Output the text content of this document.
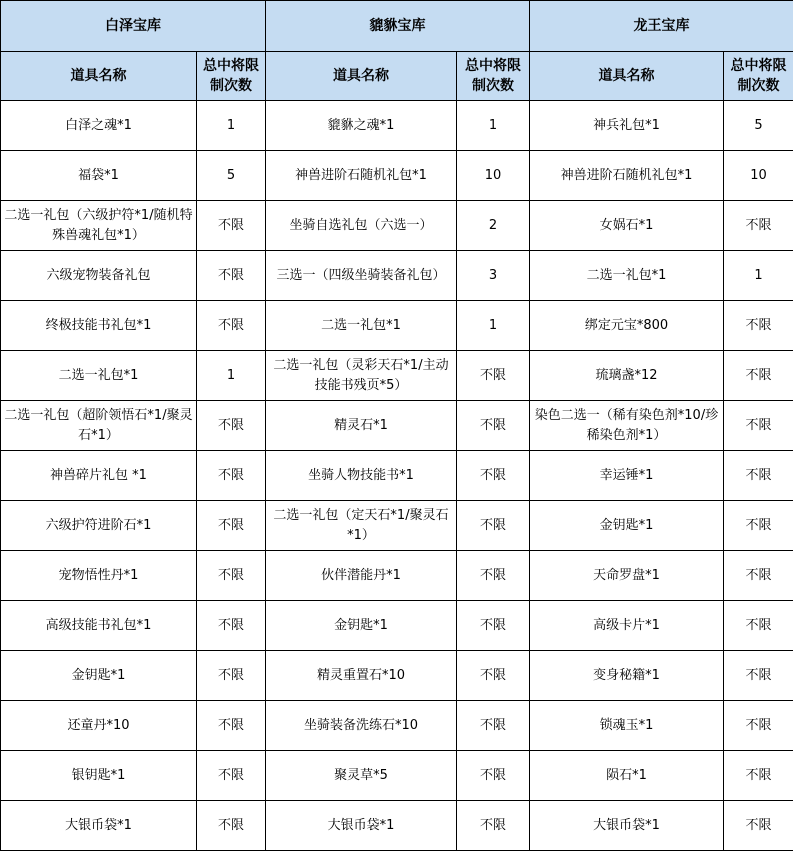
白泽宝库		貔貅宝库		龙王宝库	
道具名称	总中将限制次数	道具名称	总中将限制次数	道具名称	总中将限制次数
白泽之魂*1	1	貔貅之魂*1	1	神兵礼包*1	5
福袋*1	5	神兽进阶石随机礼包*1	10	神兽进阶石随机礼包*1	10
二选一礼包（六级护符*1/随机特殊兽魂礼包*1）	不限	坐骑自选礼包（六选一）	2	女娲石*1	不限
六级宠物装备礼包	不限	三选一（四级坐骑装备礼包）	3	二选一礼包*1	1
终极技能书礼包*1	不限	二选一礼包*1	1	绑定元宝*800	不限
二选一礼包*1	1	二选一礼包（灵彩天石*1/主动技能书残页*5）	不限	琉璃盏*12	不限
二选一礼包（超阶领悟石*1/聚灵石*1）	不限	精灵石*1	不限	染色二选一（稀有染色剂*10/珍稀染色剂*1）	不限
神兽碎片礼包 *1	不限	坐骑人物技能书*1	不限	幸运锤*1	不限
六级护符进阶石*1	不限	二选一礼包（定天石*1/聚灵石*1）	不限	金钥匙*1	不限
宠物悟性丹*1	不限	伙伴潜能丹*1	不限	天命罗盘*1	不限
高级技能书礼包*1	不限	金钥匙*1	不限	高级卡片*1	不限
金钥匙*1	不限	精灵重置石*10	不限	变身秘籍*1	不限
还童丹*10	不限	坐骑装备洗练石*10	不限	锁魂玉*1	不限
银钥匙*1	不限	聚灵草*5	不限	陨石*1	不限
大银币袋*1	不限	大银币袋*1	不限	大银币袋*1	不限
